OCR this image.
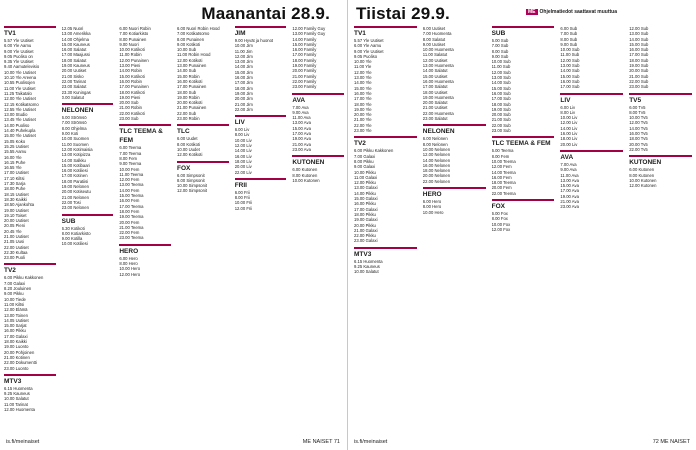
Maanantai 28.9.
TV1
5.57 Yle Uutiset
6.00 Yle Aamu
9.00 Yle Uutiset
9.05 Puoliso on
9.35 Yle Uutiset
9.40 Aamutelevisio
10.00 Yle Uutiset
10.10 Yle Areena
10.55 Puolisojen
11.00 Yle Uutiset
11.25 Taikatalo
12.00 Yle Uutiset
12.15 Kotikatsomo
12.55 Yle Uutiset
13.00 Studio
13.45 Yle Uutiset
14.00 Puoliso
14.40 Puhekupla
15.00 Yle Uutiset
15.05 Koko
15.25 Uutiset
15.55 Aamu
16.00 Yle
16.15 Puhe
16.55 Yle
17.00 Uutiset
17.10 Kiltsi
17.30 Sarja
18.00 Puhe
18.15 Uutiset
18.30 Kaikki
18.50 Ajankohta
19.00 Uutiset
19.10 Toiset
20.00 Uutiset
20.05 Pieni
20.45 Yle
21.00 Uutiset
21.05 Uusi
22.00 Uutiset
22.30 Kultaa
23.00 Puoli
TV2
6.00 Pikku Kakkonen
7.00 Galaxi
8.20 Jouluinen
9.00 Pikku
10.00 Tiede
11.00 Kiltsi
12.00 Elämä
13.00 Toinen
14.05 Uutiset
15.00 Sarjat
16.00 Pikku
17.00 Galaxi
18.00 Kaikki
19.00 Luonto
20.00 Pohjoinen
21.00 Kotinen
22.00 Dokumentti
23.00 Luonto
MTV3
6.15 Huomenta
9.25 Kauneus
10.00 Salatut
11.00 Tarinat
12.00 Huomenta
12.05 Nuori
13.00 Amerikka
14.00 Ohjelma
15.00 Kauneus
16.00 Salatut
17.00 Maajussi
18.00 Salatut
19.00 Kauneus
20.00 Uutiset
21.00 Sisko
22.00 Tarinat
23.00 Salatut
23.30 Kuningas
0.00 Salatut
NELONEN
6.00 Strömsö
7.00 Strömsö
8.00 Ohjelma
9.00 Koti
10.00 Suomen
11.00 Suomen
12.00 Kotimaisia
13.00 Kotipizza
14.00 Salkku
15.00 Kotibaari
16.00 Kotiliesi
17.00 Kotinen
18.00 Paratiisi
19.00 Nelonen
20.00 Kotiseutu
21.00 Nelonen
22.00 Tosi
23.00 Nelonen
SUB
6.30 Kotikoti
8.00 Kotiarkisto
9.00 Kotilla
10.00 Kotiliesi
6.00 Nuori Robin
7.00 Kotiarkisto
8.00 Punainen
9.00 Nuori
10.00 Kotikoti
11.00 Robin
12.00 Punainen
13.00 Pieni
14.00 Robin
15.00 Kotikoti
16.00 Robin
17.00 Punainen
18.00 Kotikoti
19.00 Pieni
20.00 Sub
21.00 Robin
22.00 Kotikoti
23.00 Sub
TLC TEEMA & FEM
6.00 Teema
7.00 Teema
8.00 Fem
9.00 Teema
10.00 Fem
11.00 Teema
12.00 Fem
13.00 Teema
14.00 Fem
15.00 Teema
16.00 Fem
17.00 Teema
18.00 Fem
19.00 Teema
20.00 Fem
21.00 Teema
22.00 Fem
23.00 Teema
HERO
6.00 Hero
8.00 Hero
10.00 Hero
12.00 Hero
6.00 Nuori Robin Hood
7.00 Kotikatsomo
8.00 Punainen
9.00 Kotikoti
10.00 Sub
11.00 Robin Hood
12.00 Kotikoti
13.00 Punainen
14.00 Sub
15.00 Robin
16.00 Kotikoti
17.00 Punainen
18.00 Sub
19.00 Robin
20.00 Kotikoti
21.00 Punainen
22.00 Sub
23.00 Robin
TLC
6.00 Uudet
8.00 Kotikoti
10.00 Uudet
12.00 Kotikoti
FOX
6.00 Simpsonit
8.00 Simpsonit
10.00 Simpsonit
12.00 Simpsonit
JIM
9.00 Hyvät ja huonot
10.00 Jim
11.00 Jim
12.00 Jim
13.00 Jim
14.00 Jim
15.00 Jim
16.00 Jim
17.00 Jim
18.00 Jim
19.00 Jim
20.00 Jim
21.00 Jim
22.00 Jim
LIV
6.00 Liv
8.00 Liv
10.00 Liv
12.00 Liv
14.00 Liv
16.00 Liv
18.00 Liv
20.00 Liv
22.00 Liv
FRII
6.00 Frii
8.00 Frii
10.00 Frii
12.00 Frii
12.00 Family Guy
13.00 Family Guy
14.00 Family
15.00 Family
16.00 Family
17.00 Family
18.00 Family
19.00 Family
20.00 Family
21.00 Family
22.00 Family
23.00 Family
AVA
7.00 Ava
9.00 Ava
11.00 Ava
13.00 Ava
15.00 Ava
17.00 Ava
19.00 Ava
21.00 Ava
23.00 Ava
KUTONEN
6.00 Kutonen
8.00 Kutonen
10.00 Kutonen
is.fi/meinaiset	ME NAISET 71
Tiistai 29.9.	ME Ohjelmatiedot saattavat muuttua
TV1
5.57 Yle Uutiset
6.00 Yle Aamu
9.00 Yle Uutiset
9.05 Puoliso
10.00 Yle
11.00 Yle
12.00 Yle
13.00 Yle
14.00 Yle
15.00 Yle
16.00 Yle
17.00 Yle
18.00 Yle
19.00 Yle
20.00 Yle
21.00 Yle
22.00 Yle
23.00 Yle
TV2
6.00 Pikku Kakkonen
7.00 Galaxi
8.00 Pikku
9.00 Galaxi
10.00 Pikku
11.00 Galaxi
12.00 Pikku
13.00 Galaxi
14.00 Pikku
15.00 Galaxi
16.00 Pikku
17.00 Galaxi
18.00 Pikku
19.00 Galaxi
20.00 Pikku
21.00 Galaxi
22.00 Pikku
23.00 Galaxi
MTV3
6.15 Huomenta
9.25 Kauneus
10.00 Salatut
6.00 Uutiset
7.00 Huomenta
8.00 Salatut
9.00 Uutiset
10.00 Huomenta
11.00 Salatut
12.00 Uutiset
13.00 Huomenta
14.00 Salatut
15.00 Uutiset
16.00 Huomenta
17.00 Salatut
18.00 Uutiset
19.00 Huomenta
20.00 Salatut
21.00 Uutiset
22.00 Huomenta
23.00 Salatut
NELONEN
6.00 Nelonen
8.00 Nelonen
10.00 Nelonen
12.00 Nelonen
14.00 Nelonen
16.00 Nelonen
18.00 Nelonen
20.00 Nelonen
22.00 Nelonen
HERO
6.00 Hero
8.00 Hero
10.00 Hero
SUB
6.00 Sub
7.00 Sub
8.00 Sub
9.00 Sub
10.00 Sub
11.00 Sub
12.00 Sub
13.00 Sub
14.00 Sub
15.00 Sub
16.00 Sub
17.00 Sub
18.00 Sub
19.00 Sub
20.00 Sub
21.00 Sub
22.00 Sub
23.00 Sub
TLC TEEMA & FEM
6.00 Teema
8.00 Fem
10.00 Teema
12.00 Fem
14.00 Teema
16.00 Fem
18.00 Teema
20.00 Fem
22.00 Teema
FOX
6.00 Fox
8.00 Fox
10.00 Fox
12.00 Fox
6.00 Sub
7.00 Sub
8.00 Sub
9.00 Sub
10.00 Sub
11.00 Sub
12.00 Sub
13.00 Sub
14.00 Sub
15.00 Sub
16.00 Sub
17.00 Sub
LIV
6.00 Liv
8.00 Liv
10.00 Liv
12.00 Liv
14.00 Liv
16.00 Liv
18.00 Liv
20.00 Liv
AVA
7.00 Ava
9.00 Ava
11.00 Ava
13.00 Ava
15.00 Ava
17.00 Ava
19.00 Ava
21.00 Ava
23.00 Ava
12.00 Sub
13.00 Sub
14.00 Sub
15.00 Sub
16.00 Sub
17.00 Sub
18.00 Sub
19.00 Sub
20.00 Sub
21.00 Sub
22.00 Sub
23.00 Sub
TV5
6.00 Tv5
8.00 Tv5
10.00 Tv5
12.00 Tv5
14.00 Tv5
16.00 Tv5
18.00 Tv5
20.00 Tv5
22.00 Tv5
KUTONEN
6.00 Kutonen
8.00 Kutonen
10.00 Kutonen
12.00 Kutonen
is.fi/meinaiset	72 ME NAISET
